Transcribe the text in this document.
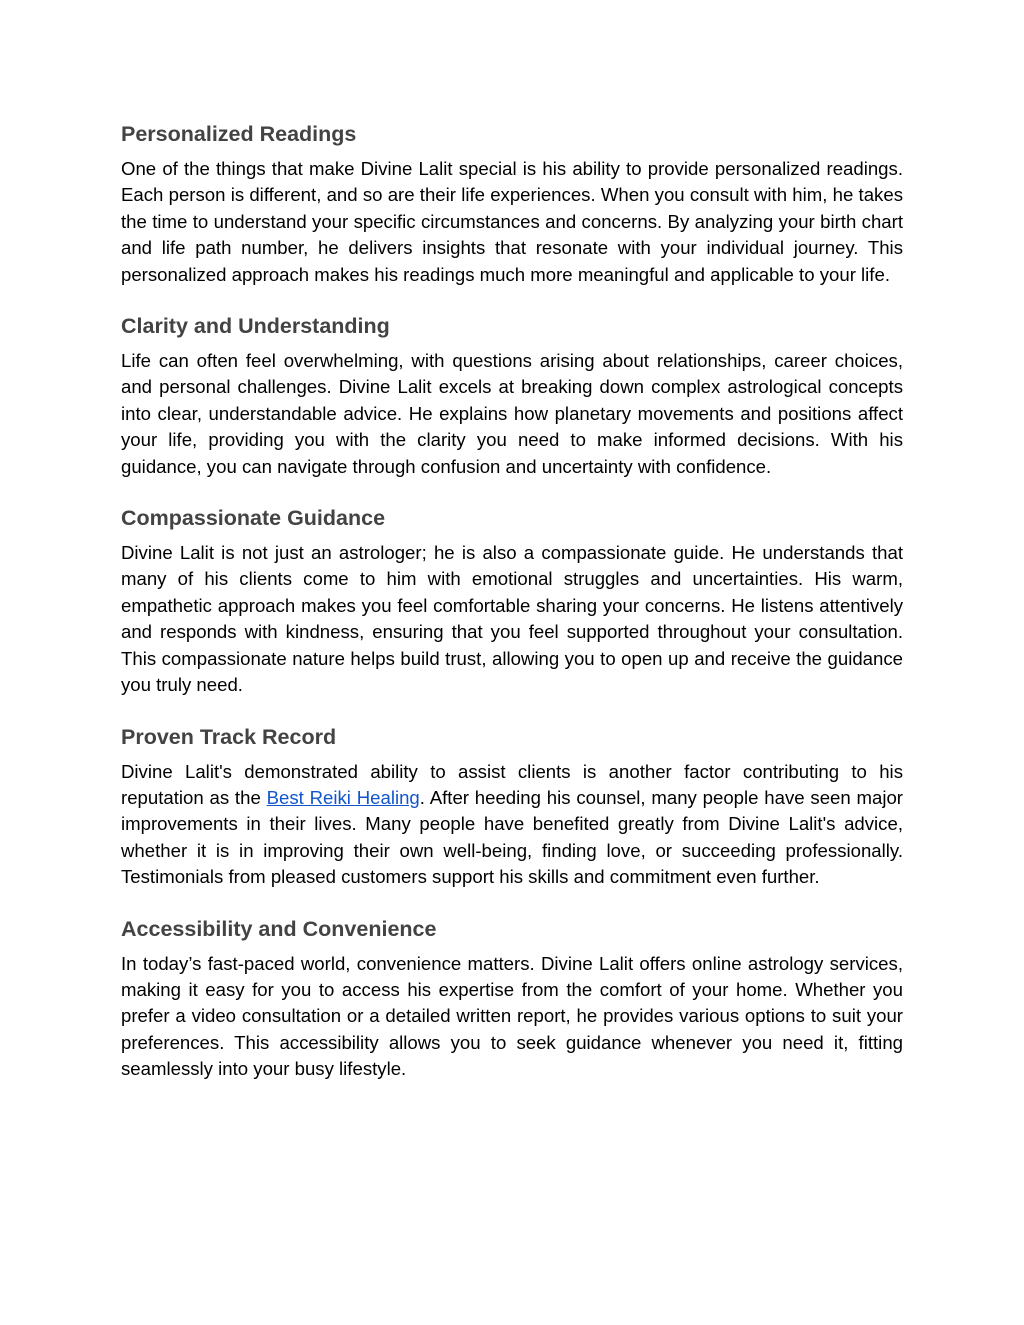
Personalized Readings

One of the things that make Divine Lalit special is his ability to provide personalized readings. Each person is different, and so are their life experiences. When you consult with him, he takes the time to understand your specific circumstances and concerns. By analyzing your birth chart and life path number, he delivers insights that resonate with your individual journey. This personalized approach makes his readings much more meaningful and applicable to your life.

Clarity and Understanding

Life can often feel overwhelming, with questions arising about relationships, career choices, and personal challenges. Divine Lalit excels at breaking down complex astrological concepts into clear, understandable advice. He explains how planetary movements and positions affect your life, providing you with the clarity you need to make informed decisions. With his guidance, you can navigate through confusion and uncertainty with confidence.

Compassionate Guidance

Divine Lalit is not just an astrologer; he is also a compassionate guide. He understands that many of his clients come to him with emotional struggles and uncertainties. His warm, empathetic approach makes you feel comfortable sharing your concerns. He listens attentively and responds with kindness, ensuring that you feel supported throughout your consultation. This compassionate nature helps build trust, allowing you to open up and receive the guidance you truly need.

Proven Track Record

Divine Lalit's demonstrated ability to assist clients is another factor contributing to his reputation as the Best Reiki Healing. After heeding his counsel, many people have seen major improvements in their lives. Many people have benefited greatly from Divine Lalit's advice, whether it is in improving their own well-being, finding love, or succeeding professionally. Testimonials from pleased customers support his skills and commitment even further.

Accessibility and Convenience

In today’s fast-paced world, convenience matters. Divine Lalit offers online astrology services, making it easy for you to access his expertise from the comfort of your home. Whether you prefer a video consultation or a detailed written report, he provides various options to suit your preferences. This accessibility allows you to seek guidance whenever you need it, fitting seamlessly into your busy lifestyle.
